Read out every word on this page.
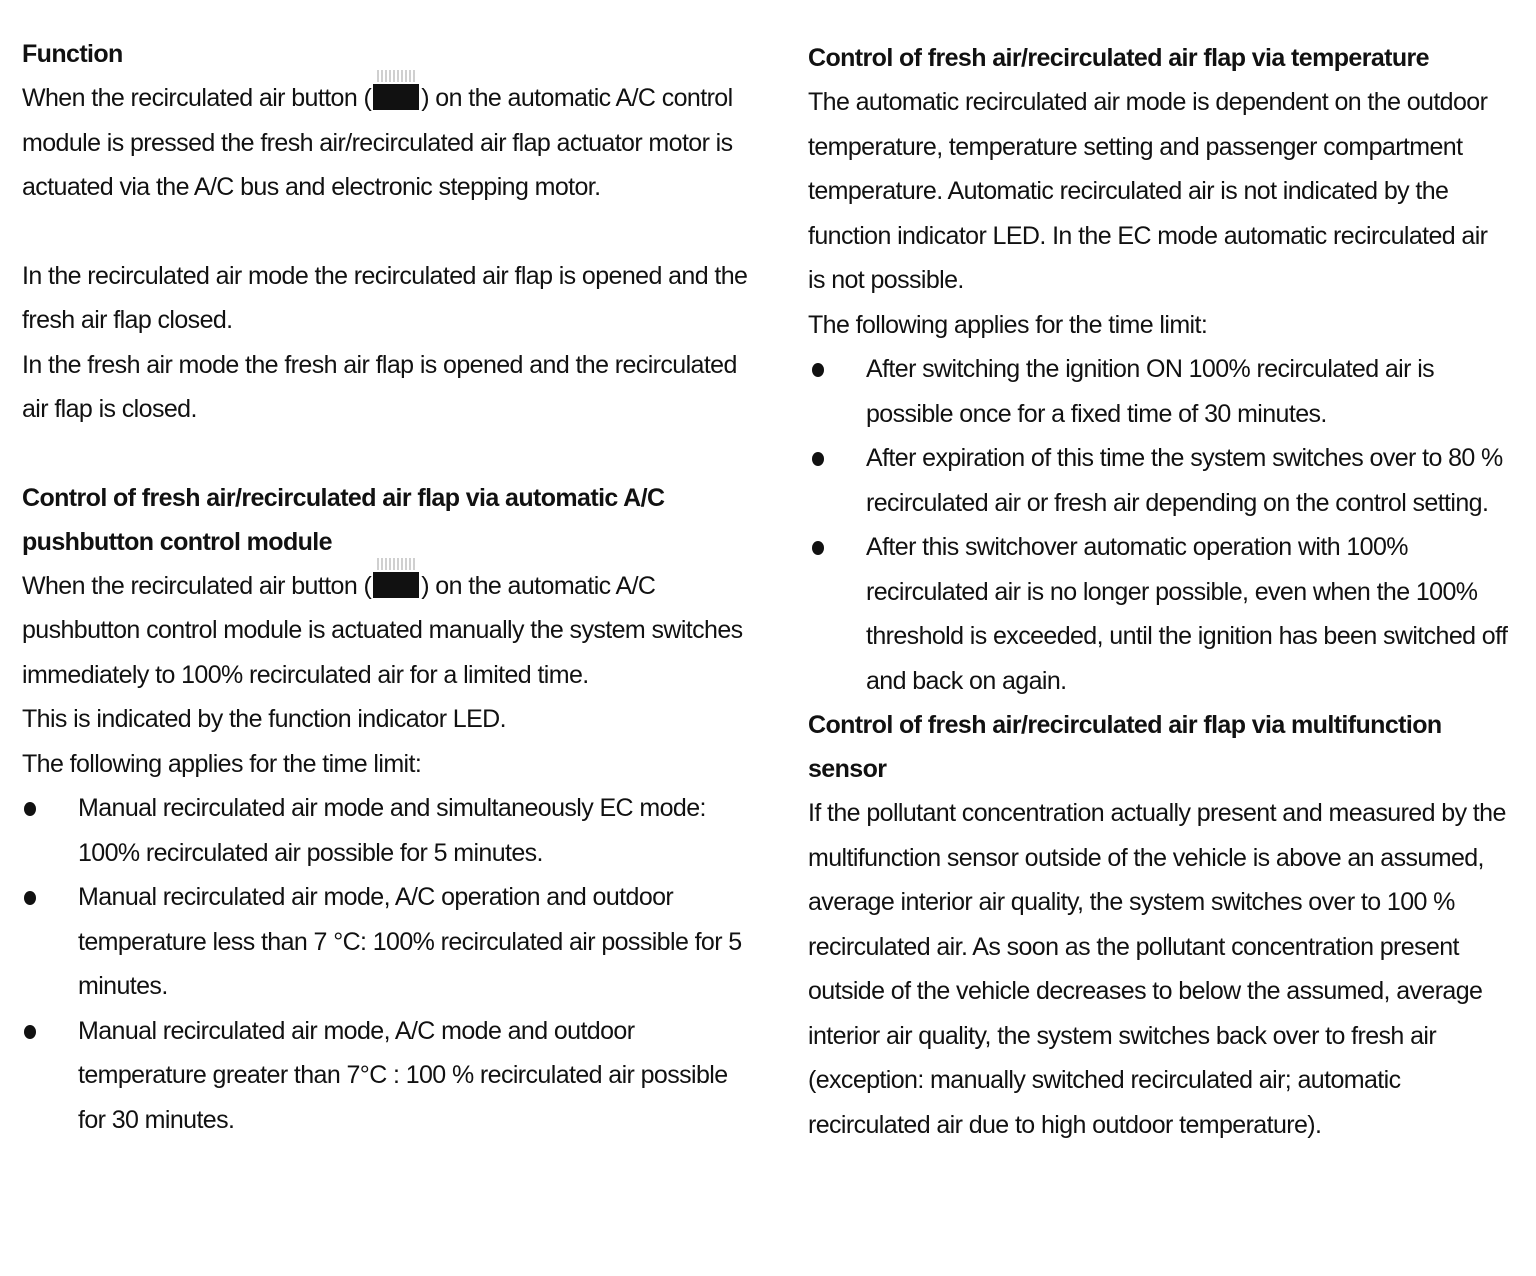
Function

When the recirculated air button ( ) on the automatic A/C control module is pressed the fresh air/recirculated air flap actuator motor is actuated via the A/C bus and electronic stepping motor.

In the recirculated air mode the recirculated air flap is opened and the fresh air flap closed.

In the fresh air mode the fresh air flap is opened and the recirculated air flap is closed.

Control of fresh air/recirculated air flap via automatic A/C pushbutton control module

When the recirculated air button ( ) on the automatic A/C pushbutton control module is actuated manually the system switches immediately to 100% recirculated air for a limited time.

This is indicated by the function indicator LED.

The following applies for the time limit:

Manual recirculated air mode and simultaneously EC mode: 100% recirculated air possible for 5 minutes.
Manual recirculated air mode, A/C operation and outdoor temperature less than 7 °C: 100% recirculated air possible for 5 minutes.
Manual recirculated air mode, A/C mode and outdoor temperature greater than 7°C : 100 % recirculated air possible for 30 minutes.

Control of fresh air/recirculated air flap via temperature

The automatic recirculated air mode is dependent on the outdoor temperature, temperature setting and passenger compartment temperature. Automatic recirculated air is not indicated by the function indicator LED. In the EC mode automatic recirculated air is not possible.

The following applies for the time limit:

After switching the ignition ON 100% recirculated air is possible once for a fixed time of 30 minutes.
After expiration of this time the system switches over to 80 % recirculated air or fresh air depending on the control setting.
After this switchover automatic operation with 100% recirculated air is no longer possible, even when the 100% threshold is exceeded, until the ignition has been switched off and back on again.

Control of fresh air/recirculated air flap via multifunction sensor

If the pollutant concentration actually present and measured by the multifunction sensor outside of the vehicle is above an assumed, average interior air quality, the system switches over to 100 % recirculated air. As soon as the pollutant concentration present outside of the vehicle decreases to below the assumed, average interior air quality, the system switches back over to fresh air (exception: manually switched recirculated air; automatic recirculated air due to high outdoor temperature).
